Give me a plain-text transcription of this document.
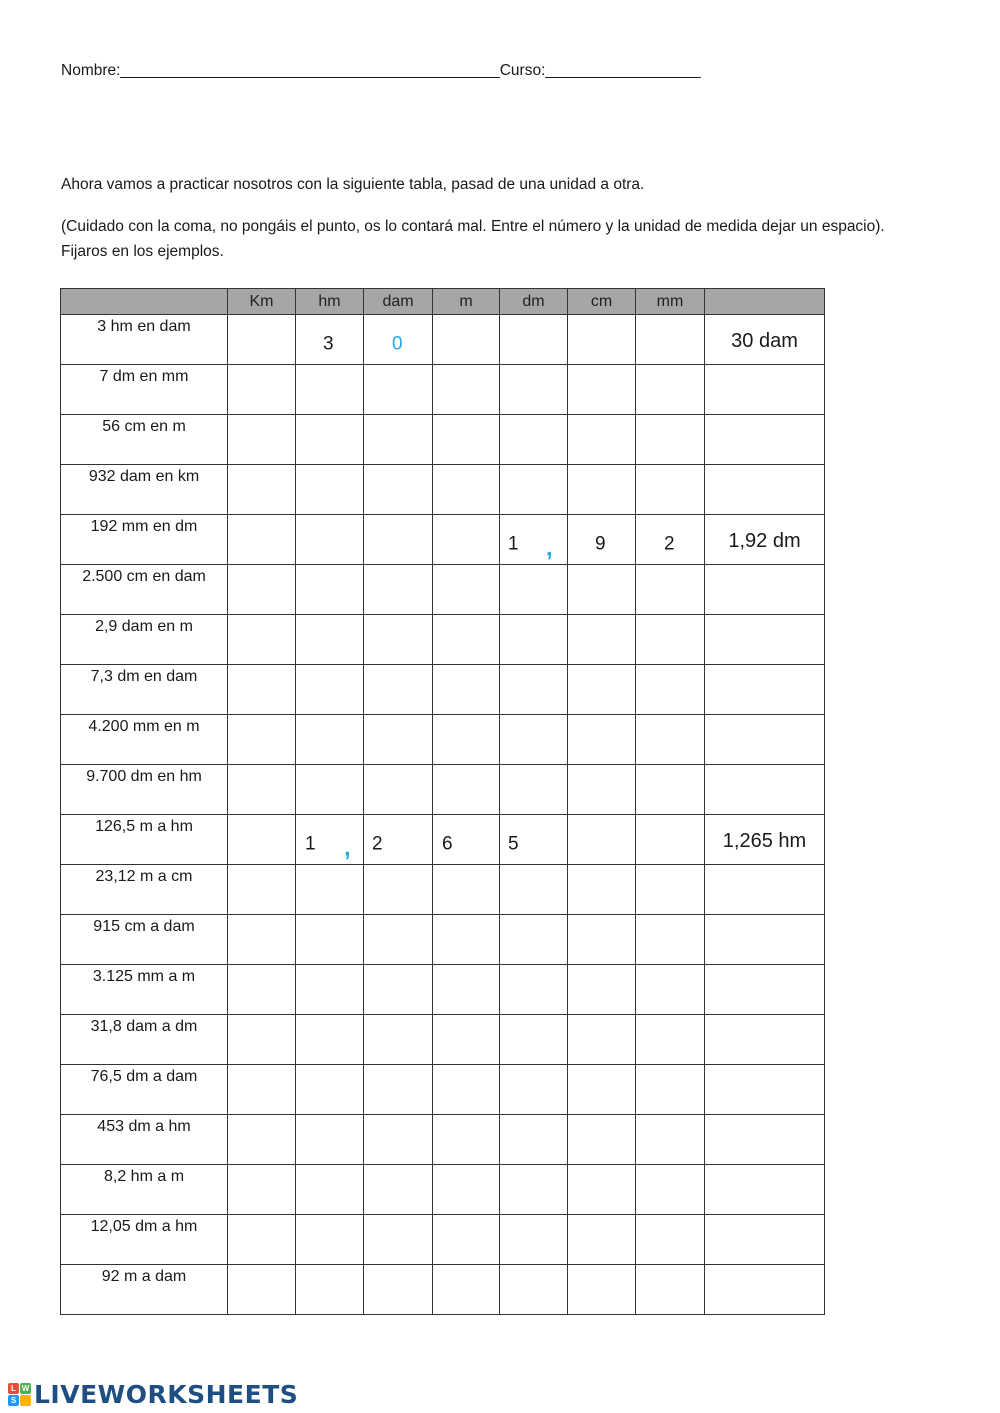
Nombre:____________________________________________Curso:__________________
Ahora vamos a practicar nosotros con la siguiente tabla, pasad de una unidad a otra.
(Cuidado con la coma, no pongáis el punto, os lo contará mal. Entre el número y la unidad de medida dejar un espacio). Fijaros en los ejemplos.
	Km	hm	dam	m	dm	cm	mm	
3 hm en dam		3	0					30 dam
7 dm en mm								
56 cm en m								
932 dam en km								
192 mm en dm					1 ,	9	2	1,92 dm
2.500 cm en dam								
2,9 dam en m								
7,3 dm en dam								
4.200 mm en m								
9.700 dm en hm								
126,5 m a hm		1 ,	2	6	5			1,265 hm
23,12 m a cm								
915 cm a dam								
3.125 mm a m								
31,8 dam a dm								
76,5 dm a dam								
453 dm a hm								
8,2 hm a m								
12,05 dm a hm								
92 m a dam								
L W
S LIVEWORKSHEETS
